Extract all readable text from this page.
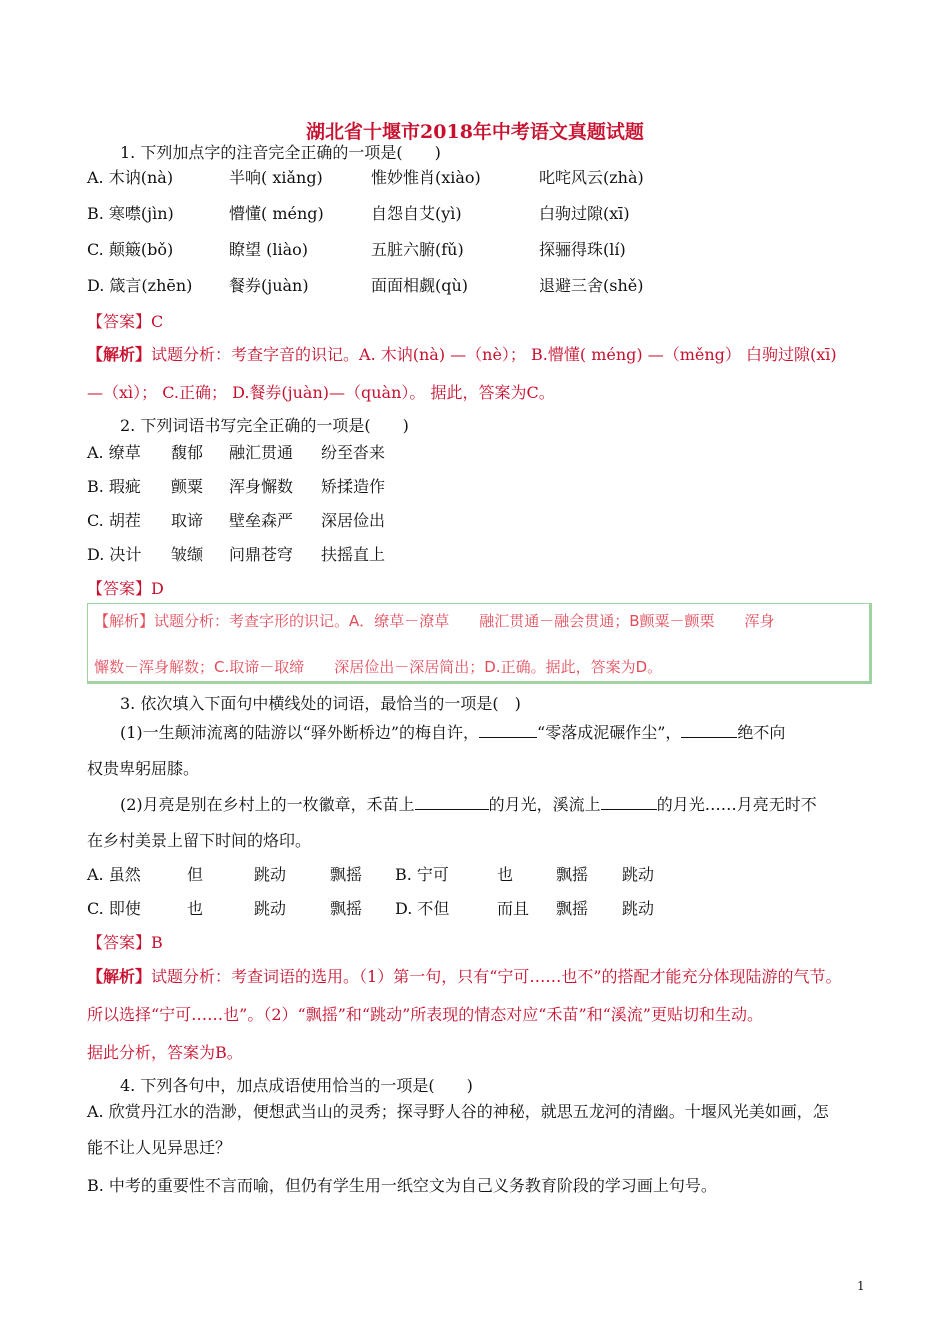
湖北省十堰市2018年中考语文真题试题
1. 下列加点字的注音完全正确的一项是(　　)
A. 木讷(nà)	半响( xiǎng)	惟妙惟肖(xiào)	叱咤风云(zhà)
B. 寒噤(jìn)	懵懂( méng)	自怨自艾(yì)	白驹过隙(xī)
C. 颠簸(bǒ)	瞭望 (liào)	五脏六腑(fǔ)	探骊得珠(lí)
D. 箴言(zhēn) 餐券(juàn)	面面相觑(qù)	退避三舍(shě)
【答案】C
【解析】试题分析：考查字音的识记。A. 木讷(nà) —（nè）； B.懵懂( méng) —（měng） 白驹过隙(xī)
—（xì）； C.正确； D.餐券(juàn)—（quàn）。 据此，答案为C。
2. 下列词语书写完全正确的一项是(　　)
A. 缭草 馥郁 融汇贯通 纷至沓来
B. 瑕疵 颤粟 浑身懈数 矫揉造作
C. 胡茬 取谛 壁垒森严 深居俭出
D. 决计 皱缬 问鼎苍穹 扶摇直上
【答案】D
【解析】试题分析：考查字形的识记。A．缭草－潦草　　融汇贯通－融会贯通；B颤粟－颤栗　　浑身
懈数－浑身解数；C.取谛－取缔　　深居俭出－深居简出；D.正确。据此，答案为D。
3. 依次填入下面句中横线处的词语，最恰当的一项是(　)
(1)一生颠沛流离的陆游以“驿外断桥边”的梅自许，	“零落成泥碾作尘”，	绝不向
权贵卑躬屈膝。
(2)月亮是别在乡村上的一枚徽章，禾苗上	的月光，溪流上	的月光……月亮无时不
在乡村美景上留下时间的烙印。
A. 虽然	但	跳动	飘摇 B. 宁可	也	飘摇 跳动
C. 即使	也	跳动	飘摇 D. 不但	而且 飘摇 跳动
【答案】B
【解析】试题分析：考查词语的选用。（1）第一句，只有“宁可……也不”的搭配才能充分体现陆游的气节。
所以选择“宁可……也”。（2）“飘摇”和“跳动”所表现的情态对应“禾苗”和“溪流”更贴切和生动。
据此分析，答案为B。
4. 下列各句中，加点成语使用恰当的一项是(　　)
A. 欣赏丹江水的浩渺，便想武当山的灵秀；探寻野人谷的神秘，就思五龙河的清幽。十堰风光美如画，怎
能不让人见异思迁？
B. 中考的重要性不言而喻，但仍有学生用一纸空文为自己义务教育阶段的学习画上句号。
1
